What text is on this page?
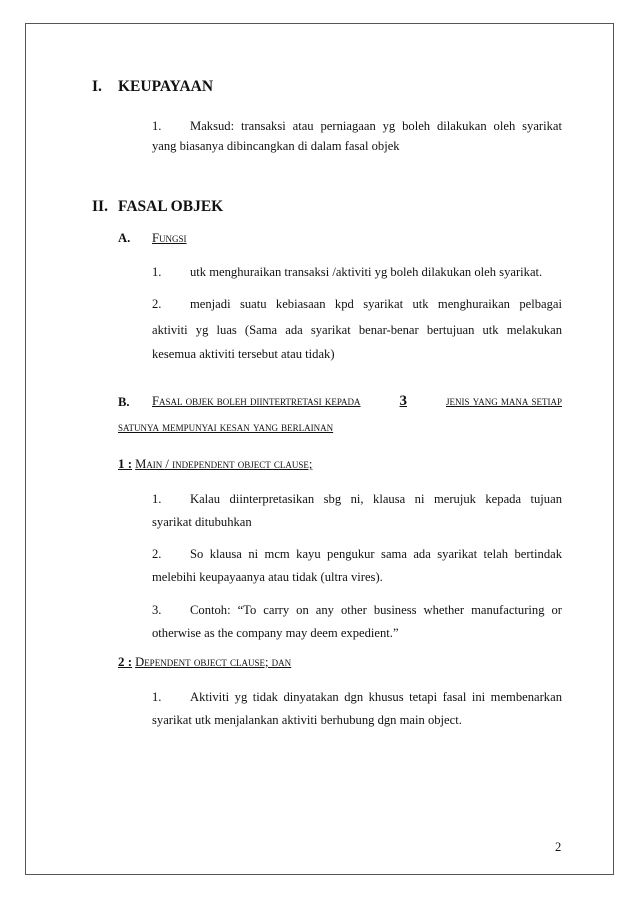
I. KEUPAYAAN
1. Maksud: transaksi atau perniagaan yg boleh dilakukan oleh syarikat
yang biasanya dibincangkan di dalam fasal objek
II. FASAL OBJEK
A. Fungsi
1. utk menghuraikan transaksi /aktiviti yg boleh dilakukan oleh syarikat.
2. menjadi suatu kebiasaan kpd syarikat utk menghuraikan pelbagai
aktiviti yg luas (Sama ada syarikat benar-benar bertujuan utk melakukan
kesemua aktiviti tersebut atau tidak)
B. Fasal objek boleh diintertretasi kepada	3	jenis yang mana setiap
satunya mempunyai kesan yang berlainan
1 : Main / independent object clause;
1. Kalau diinterpretasikan sbg ni, klausa ni merujuk kepada tujuan
syarikat ditubuhkan
2. So klausa ni mcm kayu pengukur sama ada syarikat telah bertindak
melebihi keupayaanya atau tidak (ultra vires).
3. Contoh: “To carry on any other business whether manufacturing or
otherwise as the company may deem expedient.”
2 : Dependent object clause; dan
1. Aktiviti yg tidak dinyatakan dgn khusus tetapi fasal ini membenarkan
syarikat utk menjalankan aktiviti berhubung dgn main object.
2
